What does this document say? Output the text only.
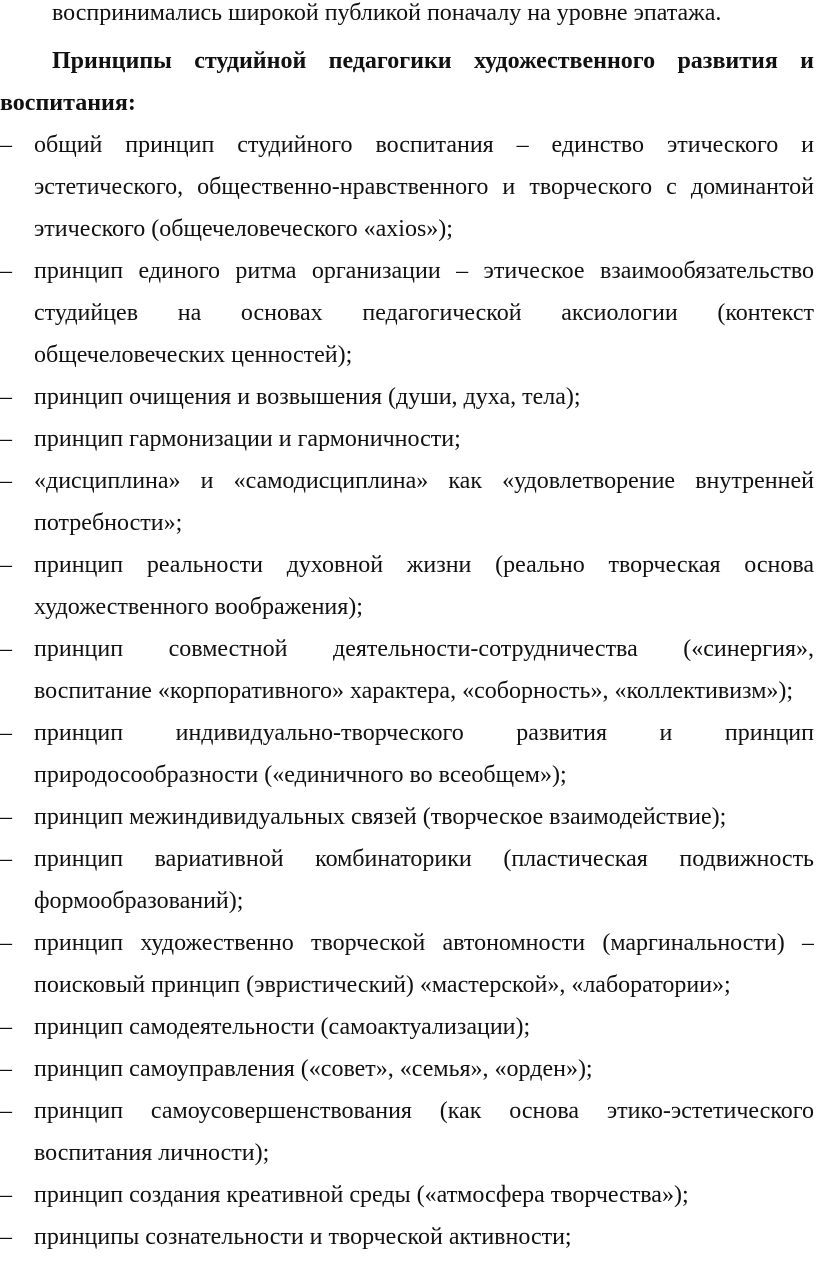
воспринимались широкой публикой поначалу на уровне эпатажа.

Принципы студийной педагогики художественного развития и
воспитания:

– общий принцип студийного воспитания – единство этического и
эстетического, общественно-нравственного и творческого с доминантой
этического (общечеловеческого «axios»);
– принцип единого ритма организации – этическое взаимообязательство
студийцев на основах педагогической аксиологии (контекст
общечеловеческих ценностей);
– принцип очищения и возвышения (души, духа, тела);
– принцип гармонизации и гармоничности;
– «дисциплина» и «самодисциплина» как «удовлетворение внутренней
потребности»;
– принцип реальности духовной жизни (реально творческая основа
художественного воображения);
– принцип совместной деятельности-сотрудничества («синергия»,
воспитание «корпоративного» характера, «соборность», «коллективизм»);
– принцип индивидуально-творческого развития и принцип
природосообразности («единичного во всеобщем»);
– принцип межиндивидуальных связей (творческое взаимодействие);
– принцип вариативной комбинаторики (пластическая подвижность
формообразований);
– принцип художественно творческой автономности (маргинальности) –
поисковый принцип (эвристический) «мастерской», «лаборатории»;
– принцип самодеятельности (самоактуализации);
– принцип самоуправления («совет», «семья», «орден»);
– принцип самоусовершенствования (как основа этико-эстетического
воспитания личности);
– принцип создания креативной среды («атмосфера творчества»);
– принципы сознательности и творческой активности;
